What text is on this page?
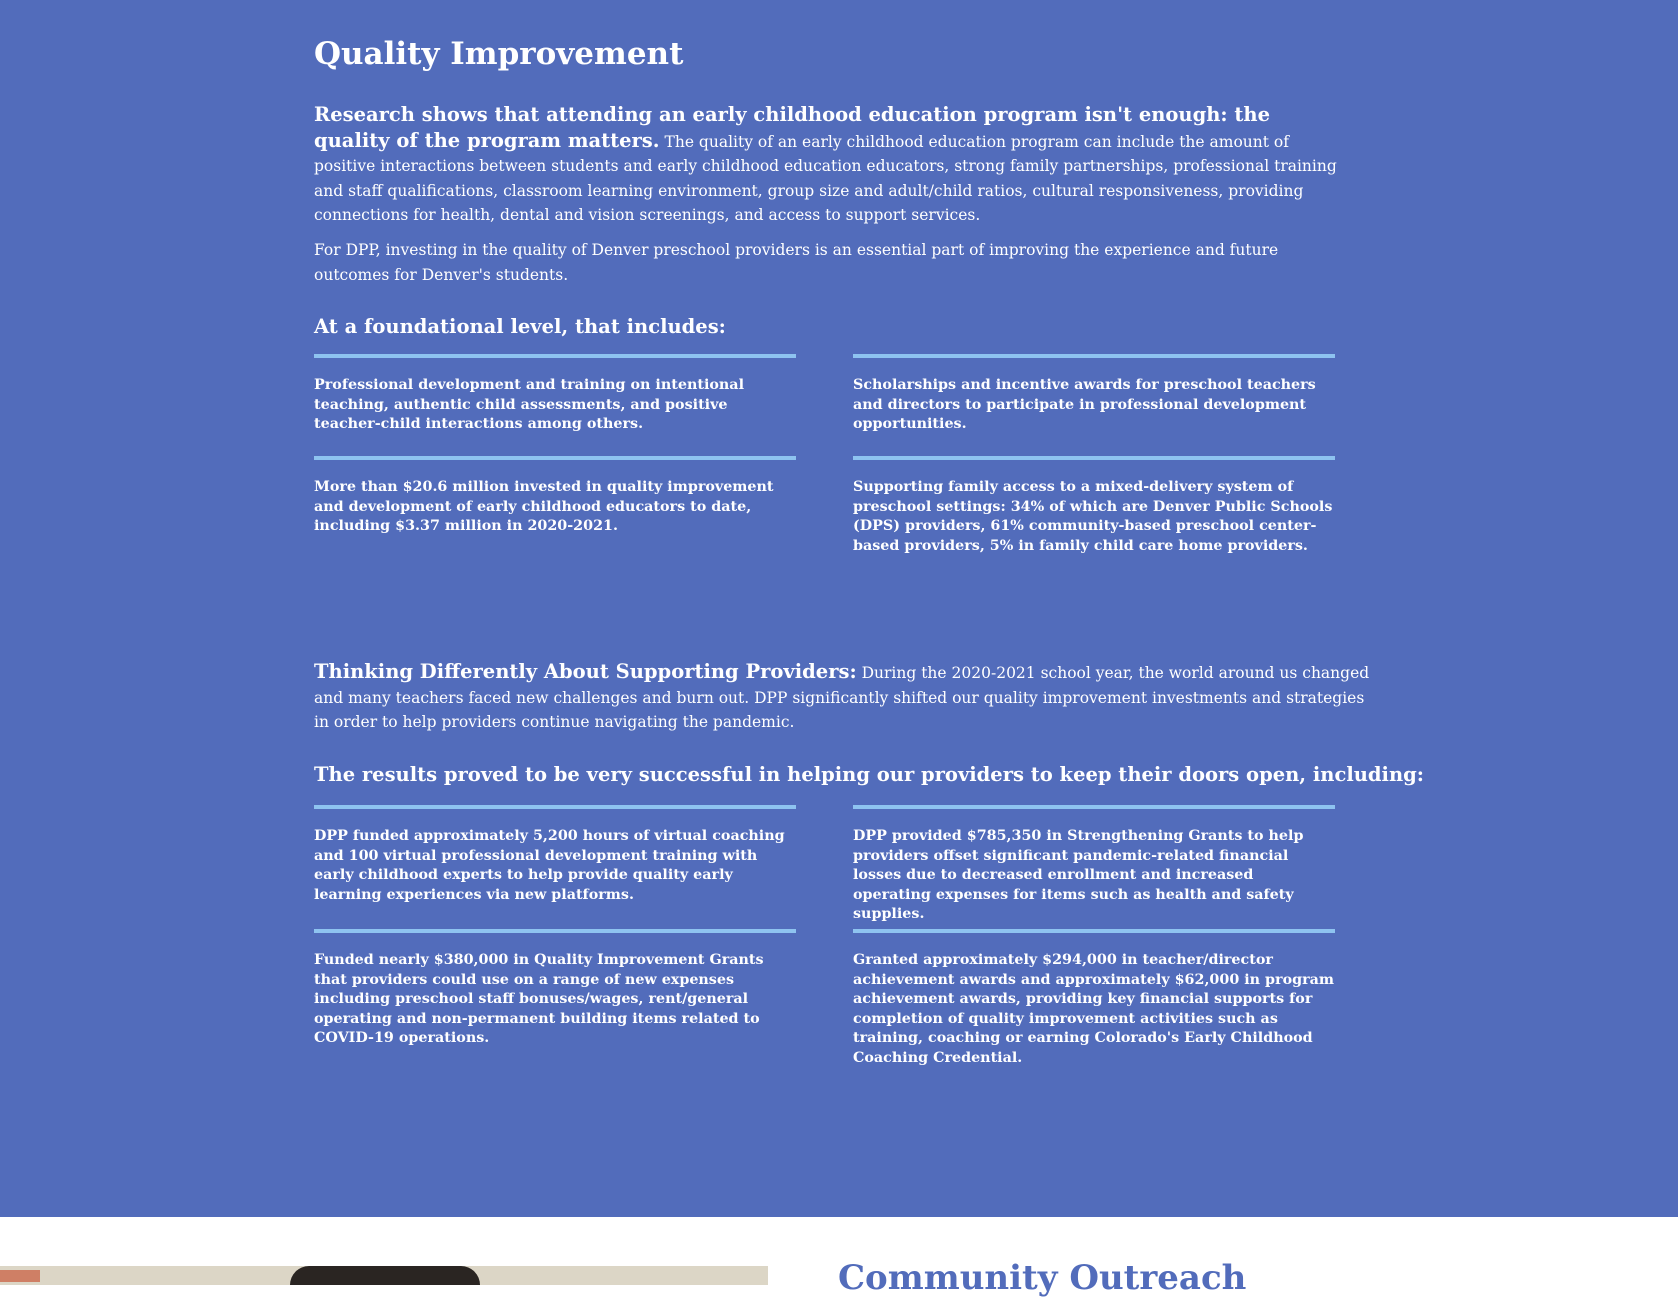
Quality Improvement

Research shows that attending an early childhood education program isn't enough: the quality of the program matters. The quality of an early childhood education program can include the amount of positive interactions between students and early childhood education educators, strong family partnerships, professional training and staff qualifications, classroom learning environment, group size and adult/child ratios, cultural responsiveness, providing connections for health, dental and vision screenings, and access to support services.

For DPP, investing in the quality of Denver preschool providers is an essential part of improving the experience and future outcomes for Denver's students.

At a foundational level, that includes:

Professional development and training on intentional teaching, authentic child assessments, and positive teacher-child interactions among others.

Scholarships and incentive awards for preschool teachers and directors to participate in professional development opportunities.

More than $20.6 million invested in quality improvement and development of early childhood educators to date, including $3.37 million in 2020-2021.

Supporting family access to a mixed-delivery system of preschool settings: 34% of which are Denver Public Schools (DPS) providers, 61% community-based preschool center-based providers, 5% in family child care home providers.

Thinking Differently About Supporting Providers: During the 2020-2021 school year, the world around us changed and many teachers faced new challenges and burn out. DPP significantly shifted our quality improvement investments and strategies in order to help providers continue navigating the pandemic.

The results proved to be very successful in helping our providers to keep their doors open, including:

DPP funded approximately 5,200 hours of virtual coaching and 100 virtual professional development training with early childhood experts to help provide quality early learning experiences via new platforms.

DPP provided $785,350 in Strengthening Grants to help providers offset significant pandemic-related financial losses due to decreased enrollment and increased operating expenses for items such as health and safety supplies.

Funded nearly $380,000 in Quality Improvement Grants that providers could use on a range of new expenses including preschool staff bonuses/wages, rent/general operating and non-permanent building items related to COVID-19 operations.

Granted approximately $294,000 in teacher/director achievement awards and approximately $62,000 in program achievement awards, providing key financial supports for completion of quality improvement activities such as training, coaching or earning Colorado's Early Childhood Coaching Credential.

Community Outreach
